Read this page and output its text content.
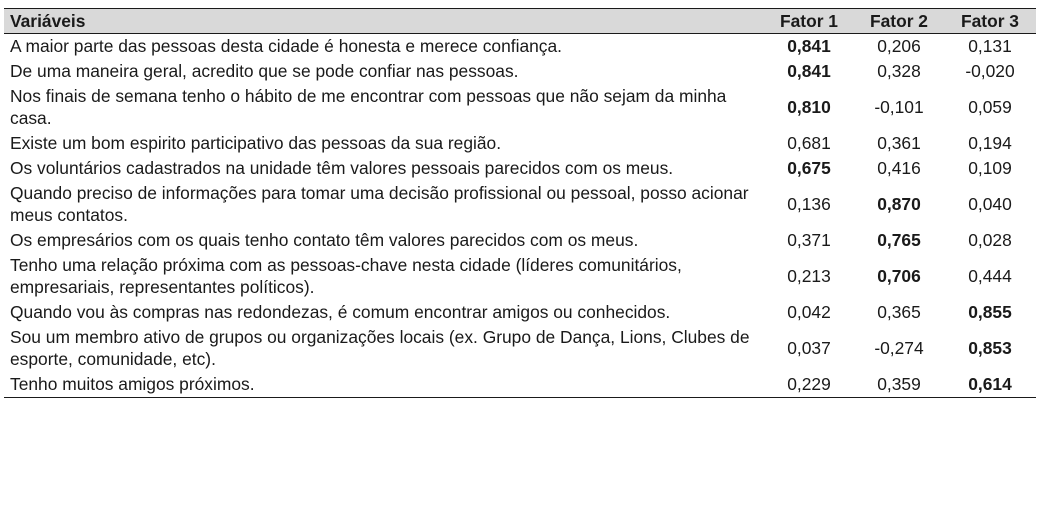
Variáveis	Fator 1	Fator 2	Fator 3
A maior parte das pessoas desta cidade é honesta e merece confiança.	0,841	0,206	0,131
De uma maneira geral, acredito que se pode confiar nas pessoas.	0,841	0,328	-0,020
Nos finais de semana tenho o hábito de me encontrar com pessoas que não sejam da minha casa.	0,810	-0,101	0,059
Existe um bom espirito participativo das pessoas da sua região.	0,681	0,361	0,194
Os voluntários cadastrados na unidade têm valores pessoais parecidos com os meus.	0,675	0,416	0,109
Quando preciso de informações para tomar uma decisão profissional ou pessoal, posso acionar meus contatos.	0,136	0,870	0,040
Os empresários com os quais tenho contato têm valores parecidos com os meus.	0,371	0,765	0,028
Tenho uma relação próxima com as pessoas-chave nesta cidade (líderes comunitários, empresariais, representantes políticos).	0,213	0,706	0,444
Quando vou às compras nas redondezas, é comum encontrar amigos ou conhecidos.	0,042	0,365	0,855
Sou um membro ativo de grupos ou organizações locais (ex. Grupo de Dança, Lions, Clubes de esporte, comunidade, etc).	0,037	-0,274	0,853
Tenho muitos amigos próximos.	0,229	0,359	0,614
